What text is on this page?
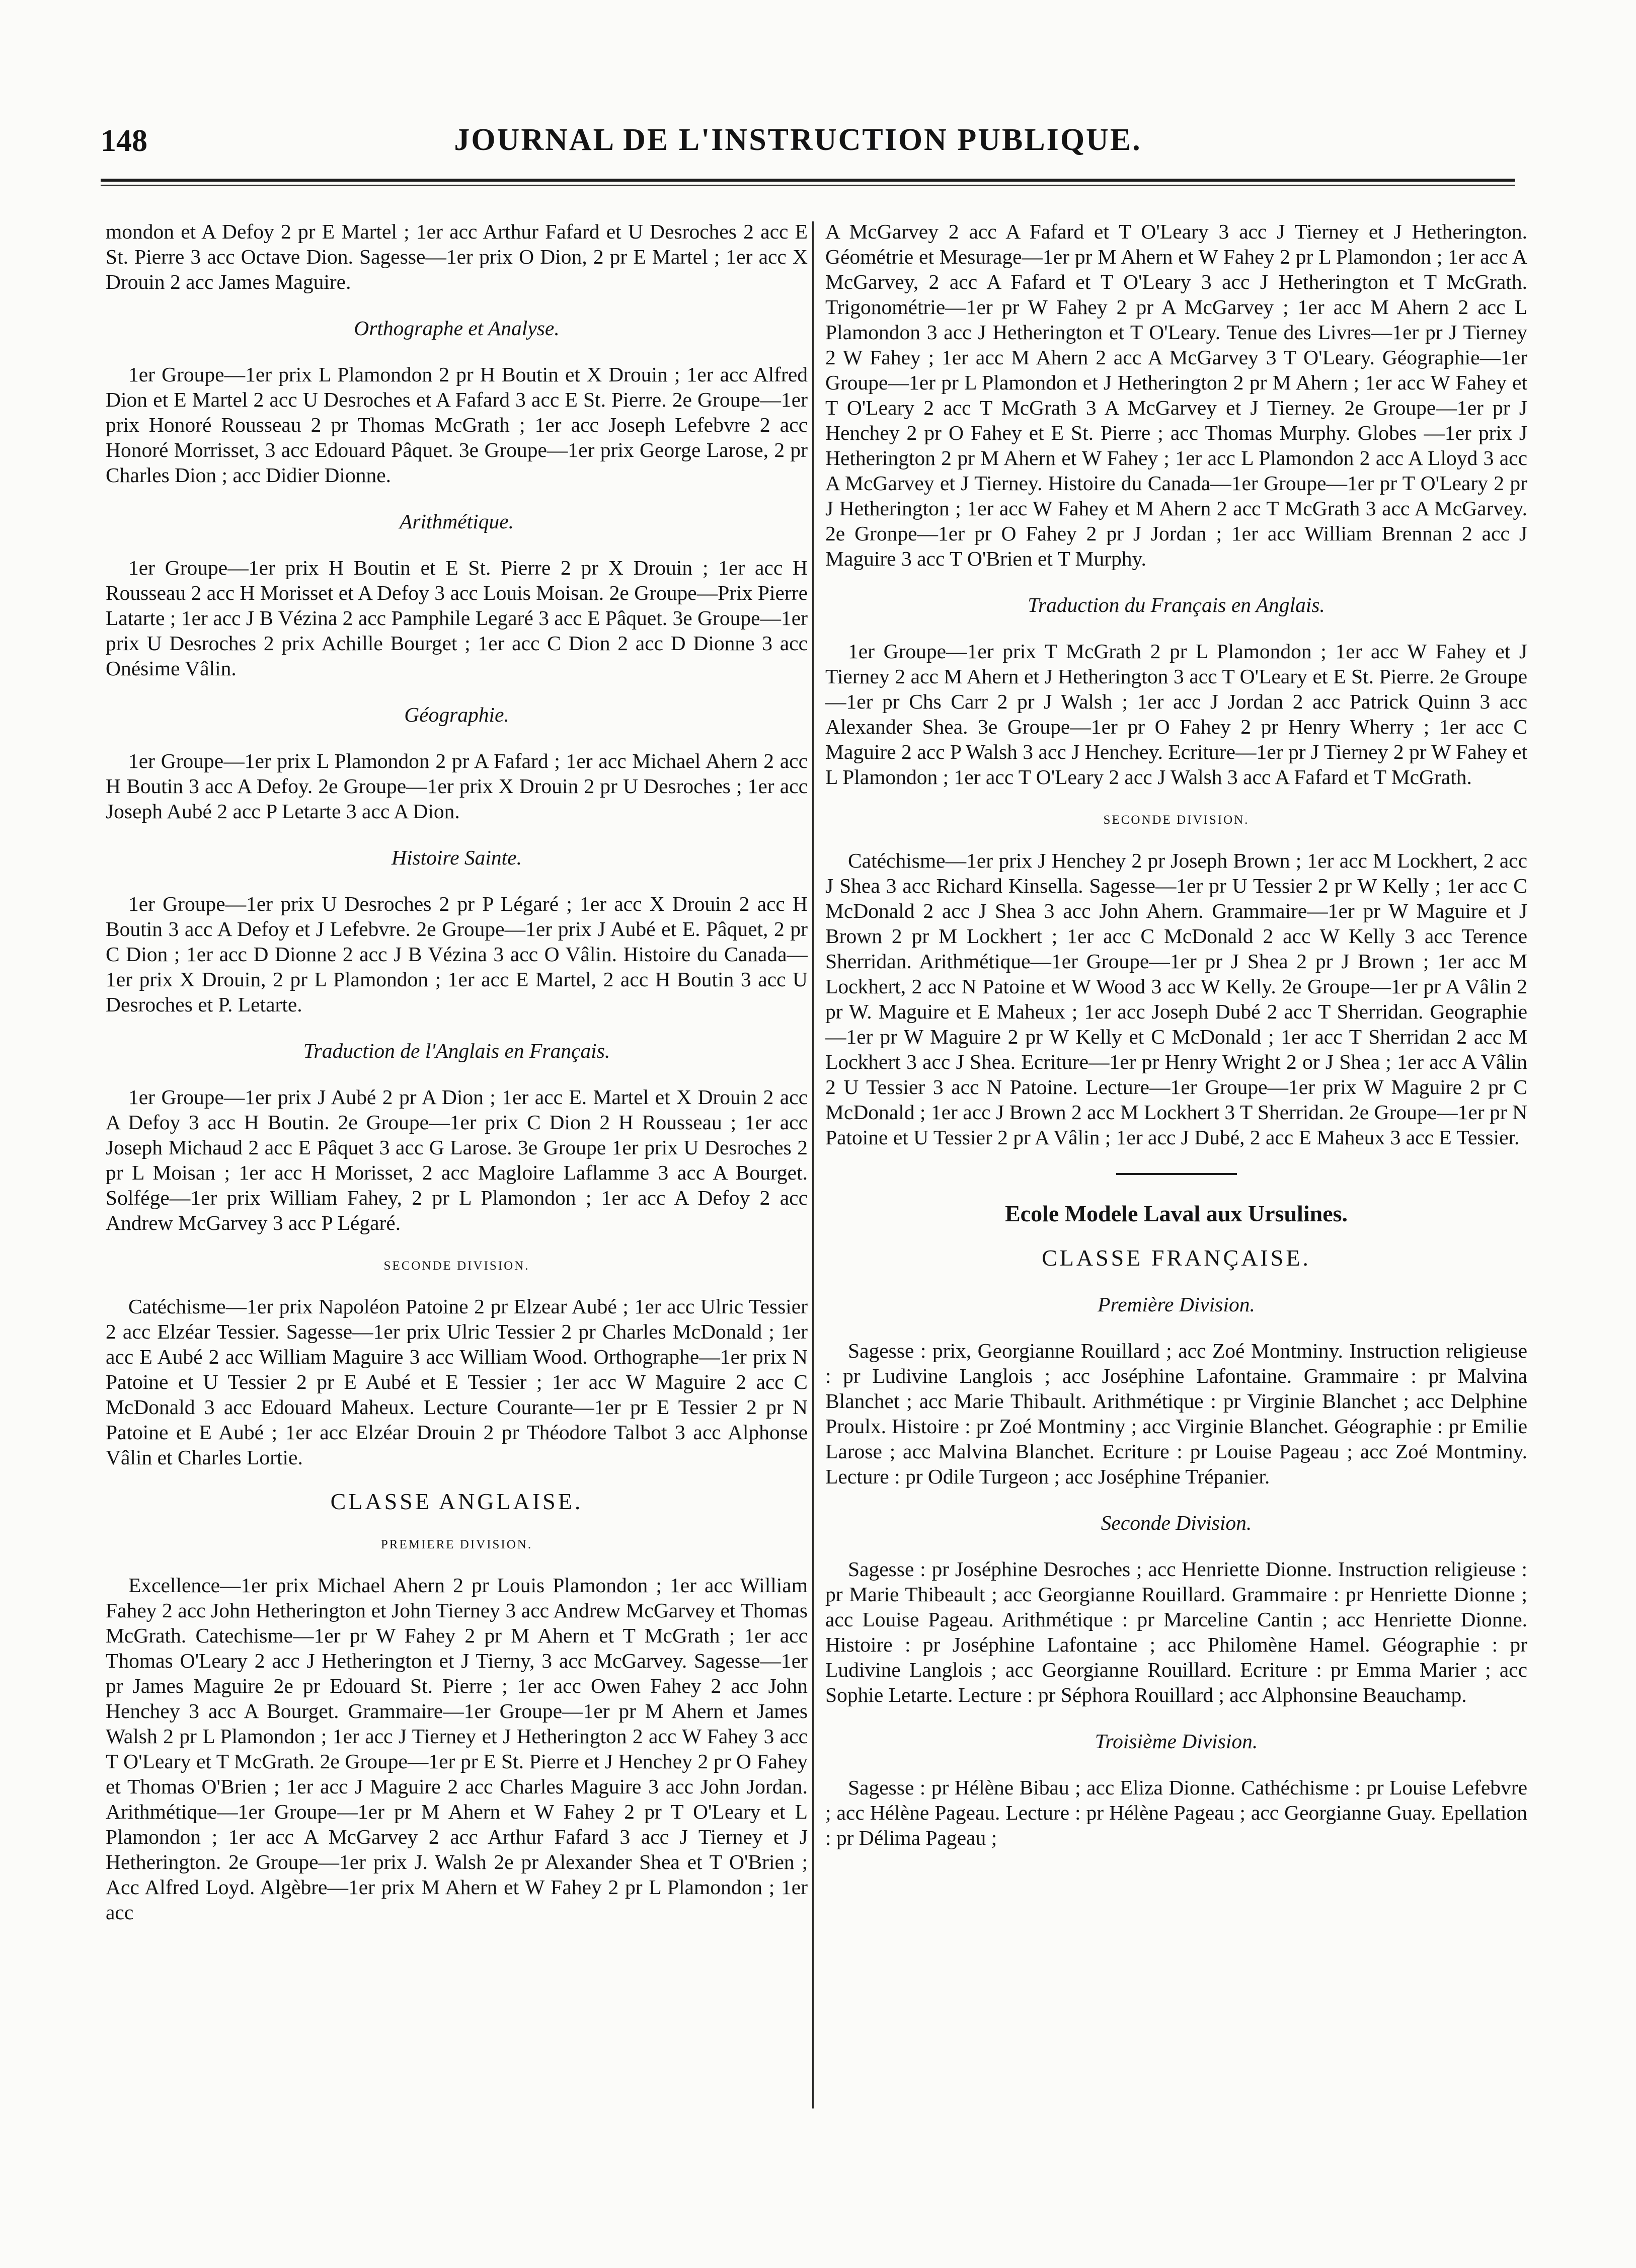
148	JOURNAL DE L'INSTRUCTION PUBLIQUE.

mondon et A Defoy 2 pr E Martel ; 1er acc Arthur Fafard et U Desroches 2 acc E St. Pierre 3 acc Octave Dion. Sagesse—1er prix O Dion, 2 pr E Martel ; 1er acc X Drouin 2 acc James Maguire.

Orthographe et Analyse.

1er Groupe—1er prix L Plamondon 2 pr H Boutin et X Drouin ; 1er acc Alfred Dion et E Martel 2 acc U Desroches et A Fafard 3 acc E St. Pierre. 2e Groupe—1er prix Honoré Rousseau 2 pr Thomas McGrath ; 1er acc Joseph Lefebvre 2 acc Honoré Morrisset, 3 acc Edouard Pâquet. 3e Groupe—1er prix George Larose, 2 pr Charles Dion ; acc Didier Dionne.

Arithmétique.

1er Groupe—1er prix H Boutin et E St. Pierre 2 pr X Drouin ; 1er acc H Rousseau 2 acc H Morisset et A Defoy 3 acc Louis Moisan. 2e Groupe—Prix Pierre Latarte ; 1er acc J B Vézina 2 acc Pamphile Legaré 3 acc E Pâquet. 3e Groupe—1er prix U Desroches 2 prix Achille Bourget ; 1er acc C Dion 2 acc D Dionne 3 acc Onésime Vâlin.

Géographie.

1er Groupe—1er prix L Plamondon 2 pr A Fafard ; 1er acc Michael Ahern 2 acc H Boutin 3 acc A Defoy. 2e Groupe—1er prix X Drouin 2 pr U Desroches ; 1er acc Joseph Aubé 2 acc P Letarte 3 acc A Dion.

Histoire Sainte.

1er Groupe—1er prix U Desroches 2 pr P Légaré ; 1er acc X Drouin 2 acc H Boutin 3 acc A Defoy et J Lefebvre. 2e Groupe—1er prix J Aubé et E. Pâquet, 2 pr C Dion ; 1er acc D Dionne 2 acc J B Vézina 3 acc O Vâlin. Histoire du Canada—1er prix X Drouin, 2 pr L Plamondon ; 1er acc E Martel, 2 acc H Boutin 3 acc U Desroches et P. Letarte.

Traduction de l'Anglais en Français.

1er Groupe—1er prix J Aubé 2 pr A Dion ; 1er acc E. Martel et X Drouin 2 acc A Defoy 3 acc H Boutin. 2e Groupe—1er prix C Dion 2 H Rousseau ; 1er acc Joseph Michaud 2 acc E Pâquet 3 acc G Larose. 3e Groupe 1er prix U Desroches 2 pr L Moisan ; 1er acc H Morisset, 2 acc Magloire Laflamme 3 acc A Bourget. Solfége—1er prix William Fahey, 2 pr L Plamondon ; 1er acc A Defoy 2 acc Andrew McGarvey 3 acc P Légaré.

SECONDE DIVISION.

Catéchisme—1er prix Napoléon Patoine 2 pr Elzear Aubé ; 1er acc Ulric Tessier 2 acc Elzéar Tessier. Sagesse—1er prix Ulric Tessier 2 pr Charles McDonald ; 1er acc E Aubé 2 acc William Maguire 3 acc William Wood. Orthographe—1er prix N Patoine et U Tessier 2 pr E Aubé et E Tessier ; 1er acc W Maguire 2 acc C McDonald 3 acc Edouard Maheux. Lecture Courante—1er pr E Tessier 2 pr N Patoine et E Aubé ; 1er acc Elzéar Drouin 2 pr Théodore Talbot 3 acc Alphonse Vâlin et Charles Lortie.

CLASSE ANGLAISE.
PREMIERE DIVISION.

Excellence—1er prix Michael Ahern 2 pr Louis Plamondon ; 1er acc William Fahey 2 acc John Hetherington et John Tierney 3 acc Andrew McGarvey et Thomas McGrath. Catechisme—1er pr W Fahey 2 pr M Ahern et T McGrath ; 1er acc Thomas O'Leary 2 acc J Hetherington et J Tierny, 3 acc McGarvey. Sagesse—1er pr James Maguire 2e pr Edouard St. Pierre ; 1er acc Owen Fahey 2 acc John Henchey 3 acc A Bourget. Grammaire—1er Groupe—1er pr M Ahern et James Walsh 2 pr L Plamondon ; 1er acc J Tierney et J Hetherington 2 acc W Fahey 3 acc T O'Leary et T McGrath. 2e Groupe—1er pr E St. Pierre et J Henchey 2 pr O Fahey et Thomas O'Brien ; 1er acc J Maguire 2 acc Charles Maguire 3 acc John Jordan. Arithmétique—1er Groupe—1er pr M Ahern et W Fahey 2 pr T O'Leary et L Plamondon ; 1er acc A McGarvey 2 acc Arthur Fafard 3 acc J Tierney et J Hetherington. 2e Groupe—1er prix J. Walsh 2e pr Alexander Shea et T O'Brien ; Acc Alfred Loyd. Algèbre—1er prix M Ahern et W Fahey 2 pr L Plamondon ; 1er acc

A McGarvey 2 acc A Fafard et T O'Leary 3 acc J Tierney et J Hetherington. Géométrie et Mesurage—1er pr M Ahern et W Fahey 2 pr L Plamondon ; 1er acc A McGarvey, 2 acc A Fafard et T O'Leary 3 acc J Hetherington et T McGrath. Trigonométrie—1er pr W Fahey 2 pr A McGarvey ; 1er acc M Ahern 2 acc L Plamondon 3 acc J Hetherington et T O'Leary. Tenue des Livres—1er pr J Tierney 2 W Fahey ; 1er acc M Ahern 2 acc A McGarvey 3 T O'Leary. Géographie—1er Groupe—1er pr L Plamondon et J Hetherington 2 pr M Ahern ; 1er acc W Fahey et T O'Leary 2 acc T McGrath 3 A McGarvey et J Tierney. 2e Groupe—1er pr J Henchey 2 pr O Fahey et E St. Pierre ; acc Thomas Murphy. Globes —1er prix J Hetherington 2 pr M Ahern et W Fahey ; 1er acc L Plamondon 2 acc A Lloyd 3 acc A McGarvey et J Tierney. Histoire du Canada—1er Groupe—1er pr T O'Leary 2 pr J Hetherington ; 1er acc W Fahey et M Ahern 2 acc T McGrath 3 acc A McGarvey. 2e Gronpe—1er pr O Fahey 2 pr J Jordan ; 1er acc William Brennan 2 acc J Maguire 3 acc T O'Brien et T Murphy.

Traduction du Français en Anglais.

1er Groupe—1er prix T McGrath 2 pr L Plamondon ; 1er acc W Fahey et J Tierney 2 acc M Ahern et J Hetherington 3 acc T O'Leary et E St. Pierre. 2e Groupe—1er pr Chs Carr 2 pr J Walsh ; 1er acc J Jordan 2 acc Patrick Quinn 3 acc Alexander Shea. 3e Groupe—1er pr O Fahey 2 pr Henry Wherry ; 1er acc C Maguire 2 acc P Walsh 3 acc J Henchey. Ecriture—1er pr J Tierney 2 pr W Fahey et L Plamondon ; 1er acc T O'Leary 2 acc J Walsh 3 acc A Fafard et T McGrath.

SECONDE DIVISION.

Catéchisme—1er prix J Henchey 2 pr Joseph Brown ; 1er acc M Lockhert, 2 acc J Shea 3 acc Richard Kinsella. Sagesse—1er pr U Tessier 2 pr W Kelly ; 1er acc C McDonald 2 acc J Shea 3 acc John Ahern. Grammaire—1er pr W Maguire et J Brown 2 pr M Lockhert ; 1er acc C McDonald 2 acc W Kelly 3 acc Terence Sherridan. Arithmétique—1er Groupe—1er pr J Shea 2 pr J Brown ; 1er acc M Lockhert, 2 acc N Patoine et W Wood 3 acc W Kelly. 2e Groupe—1er pr A Vâlin 2 pr W. Maguire et E Maheux ; 1er acc Joseph Dubé 2 acc T Sherridan. Geographie—1er pr W Maguire 2 pr W Kelly et C McDonald ; 1er acc T Sherridan 2 acc M Lockhert 3 acc J Shea. Ecriture—1er pr Henry Wright 2 or J Shea ; 1er acc A Vâlin 2 U Tessier 3 acc N Patoine. Lecture—1er Groupe—1er prix W Maguire 2 pr C McDonald ; 1er acc J Brown 2 acc M Lockhert 3 T Sherridan. 2e Groupe—1er pr N Patoine et U Tessier 2 pr A Vâlin ; 1er acc J Dubé, 2 acc E Maheux 3 acc E Tessier.

Ecole Modele Laval aux Ursulines.
CLASSE FRANÇAISE.
Première Division.

Sagesse : prix, Georgianne Rouillard ; acc Zoé Montminy. Instruction religieuse : pr Ludivine Langlois ; acc Joséphine Lafontaine. Grammaire : pr Malvina Blanchet ; acc Marie Thibault. Arithmétique : pr Virginie Blanchet ; acc Delphine Proulx. Histoire : pr Zoé Montminy ; acc Virginie Blanchet. Géographie : pr Emilie Larose ; acc Malvina Blanchet. Ecriture : pr Louise Pageau ; acc Zoé Montminy. Lecture : pr Odile Turgeon ; acc Joséphine Trépanier.

Seconde Division.

Sagesse : pr Joséphine Desroches ; acc Henriette Dionne. Instruction religieuse : pr Marie Thibeault ; acc Georgianne Rouillard. Grammaire : pr Henriette Dionne ; acc Louise Pageau. Arithmétique : pr Marceline Cantin ; acc Henriette Dionne. Histoire : pr Joséphine Lafontaine ; acc Philomène Hamel. Géographie : pr Ludivine Langlois ; acc Georgianne Rouillard. Ecriture : pr Emma Marier ; acc Sophie Letarte. Lecture : pr Séphora Rouillard ; acc Alphonsine Beauchamp.

Troisième Division.

Sagesse : pr Hélène Bibau ; acc Eliza Dionne. Cathéchisme : pr Louise Lefebvre ; acc Hélène Pageau. Lecture : pr Hélène Pageau ; acc Georgianne Guay. Epellation : pr Délima Pageau ;
